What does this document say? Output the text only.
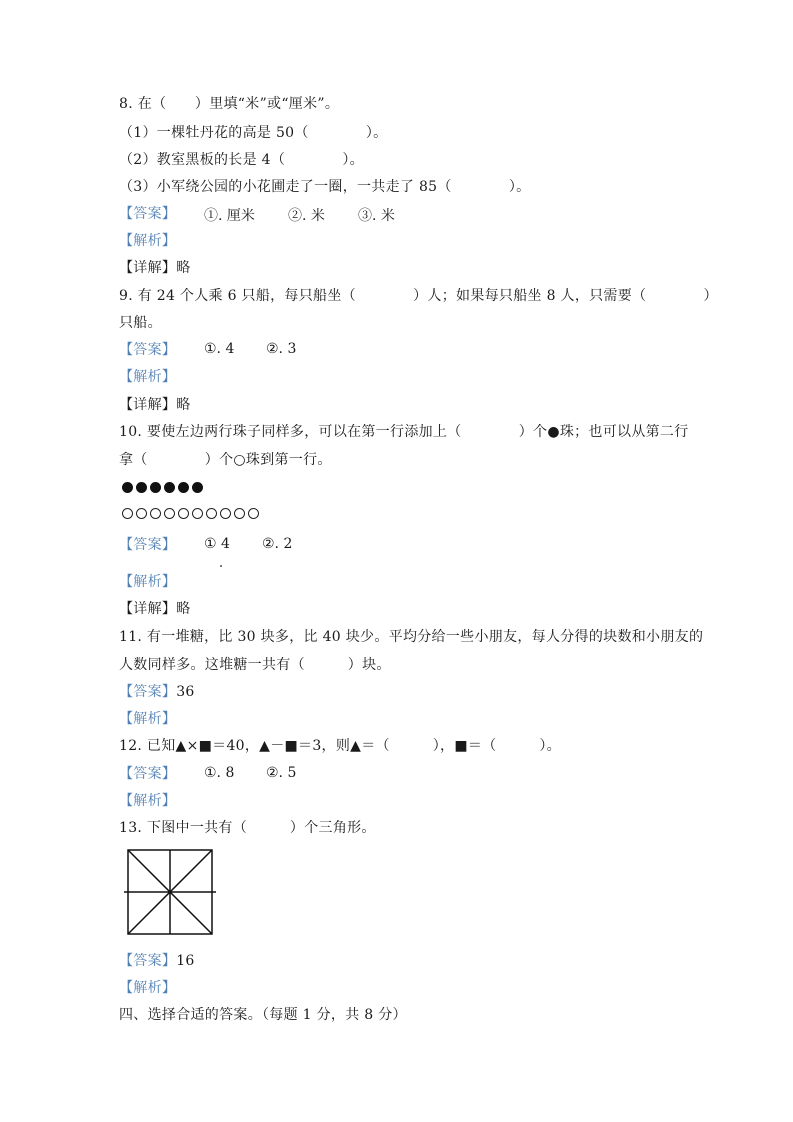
8. 在（　　）里填“米”或“厘米”。
（1）一棵牡丹花的高是 50（　　　　）。
（2）教室黑板的长是 4（　　　　）。
（3）小军绕公园的小花圃走了一圈，一共走了 85（　　　　）。
【答案】 ①. 厘米 ②. 米 ③. 米
【解析】
【详解】略
9. 有 24 个人乘 6 只船，每只船坐（　　　　）人；如果每只船坐 8 人，只需要（　　　　）
只船。
【答案】 ①. 4 ②. 3
【解析】
【详解】略
10. 要使左边两行珠子同样多，可以在第一行添加上（　　　　）个●珠；也可以从第二行
拿（　　　　）个○珠到第一行。
【答案】 ① 4 ②. 2
【解析】
【详解】略
11. 有一堆糖，比 30 块多，比 40 块少。平均分给一些小朋友，每人分得的块数和小朋友的
人数同样多。这堆糖一共有（　　　）块。
【答案】36
【解析】
12. 已知▲×■＝40，▲－■＝3，则▲＝（　　　），■＝（　　　）。
【答案】 ①. 8 ②. 5
【解析】
13. 下图中一共有（　　　）个三角形。
【答案】16
【解析】
四、选择合适的答案。（每题 1 分，共 8 分）
